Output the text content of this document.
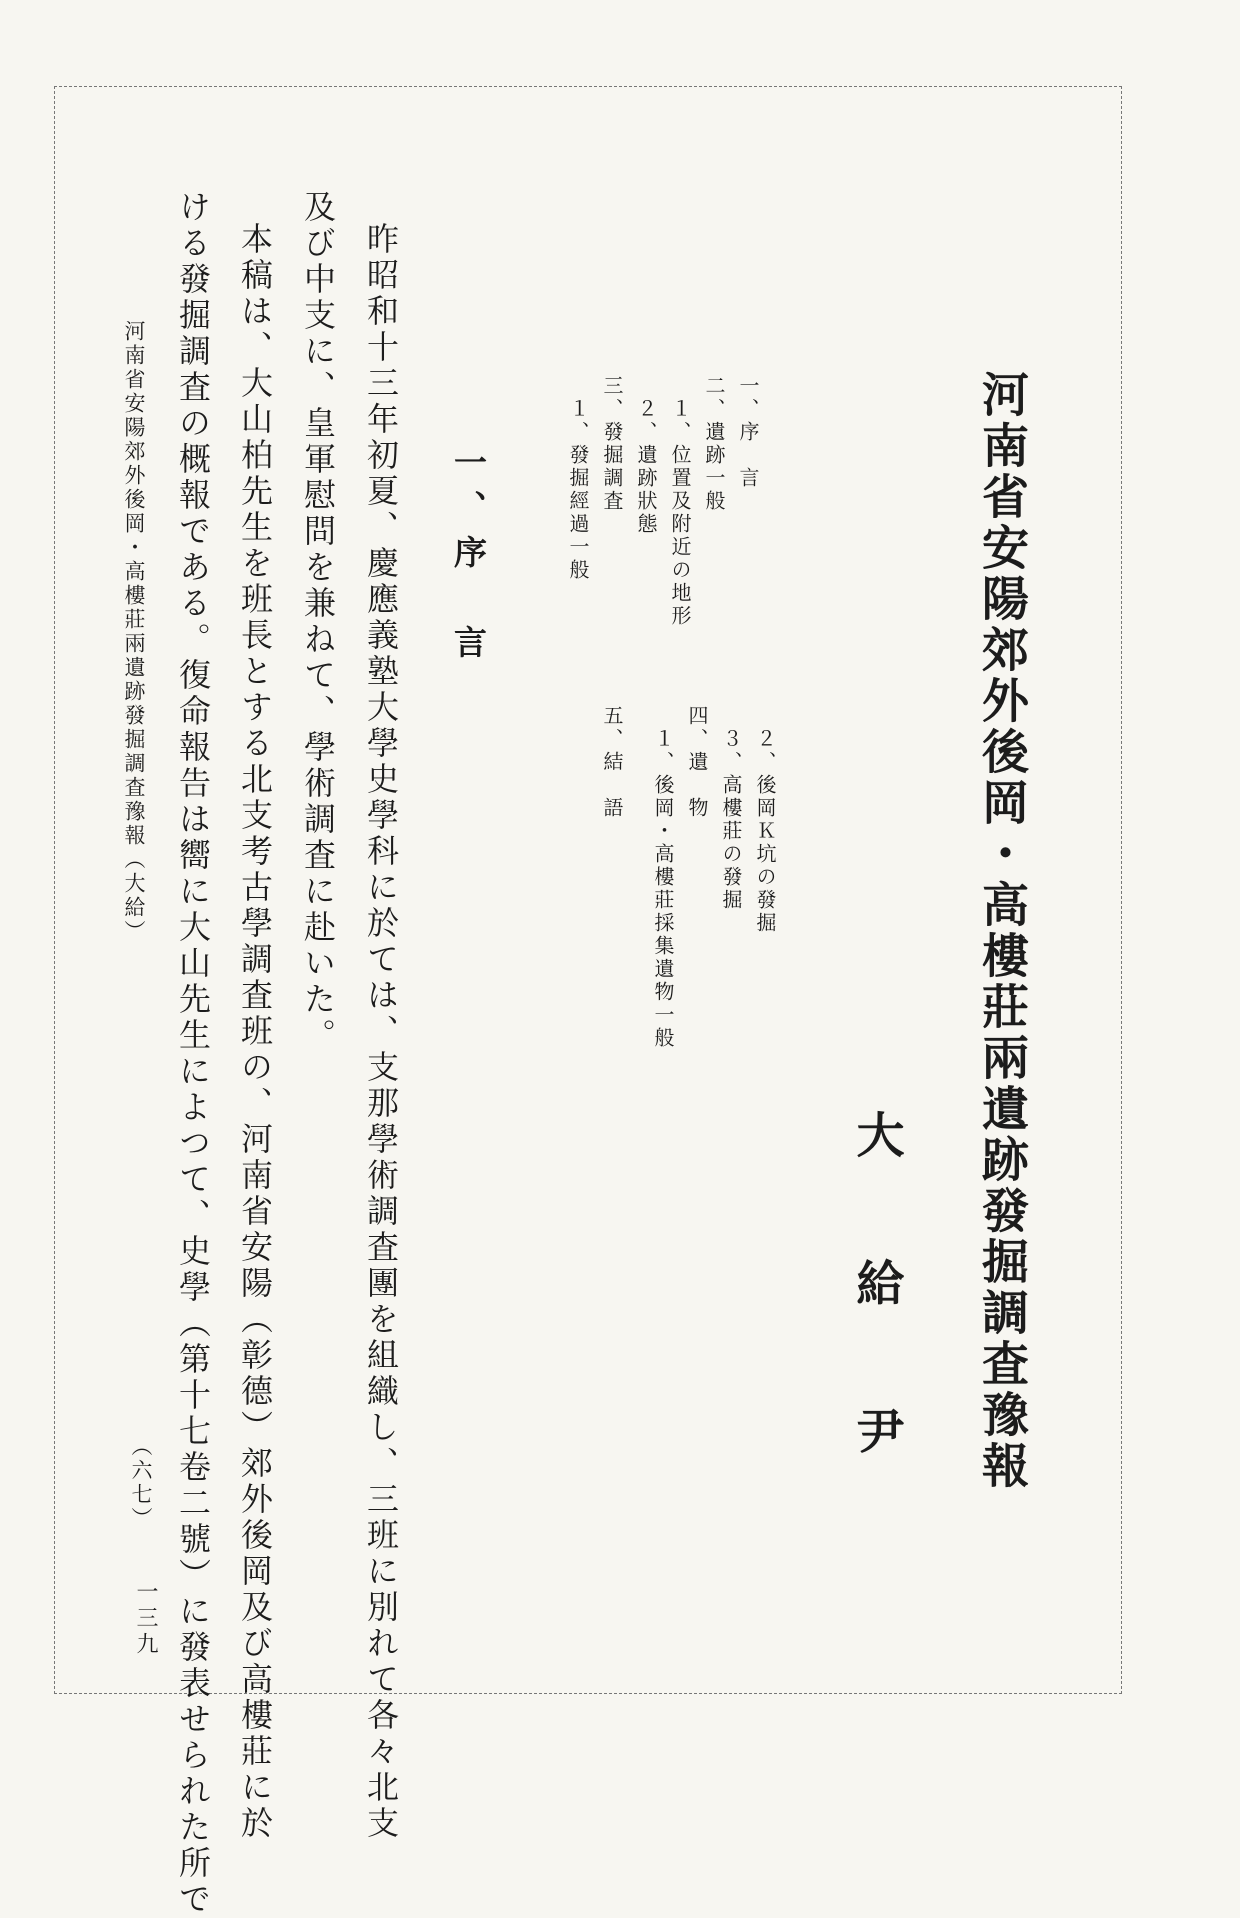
河南省安陽郊外後岡・高樓莊兩遺跡發掘調査豫報
大給尹
一、序　言
二、遺跡一般
１、位置及附近の地形
２、遺跡狀態
三、發掘調査
１、發掘經過一般
２、後岡Ｋ坑の發掘
３、高樓莊の發掘
四、遺　物
１、後岡・高樓莊採集遺物一般
五、結　語
一、序　言
昨昭和十三年初夏、慶應義塾大學史學科に於ては、支那學術調査團を組織し、三班に別れて各々北支
及び中支に、皇軍慰問を兼ねて、學術調査に赴いた。
本稿は、大山柏先生を班長とする北支考古學調査班の、河南省安陽（彰德）郊外後岡及び高樓莊に於
ける發掘調査の概報である。復命報告は嚮に大山先生によつて、史學（第十七卷二號）に發表せられた所で
河南省安陽郊外後岡・高樓莊兩遺跡發掘調査豫報（大給）
（六七）
一三九
